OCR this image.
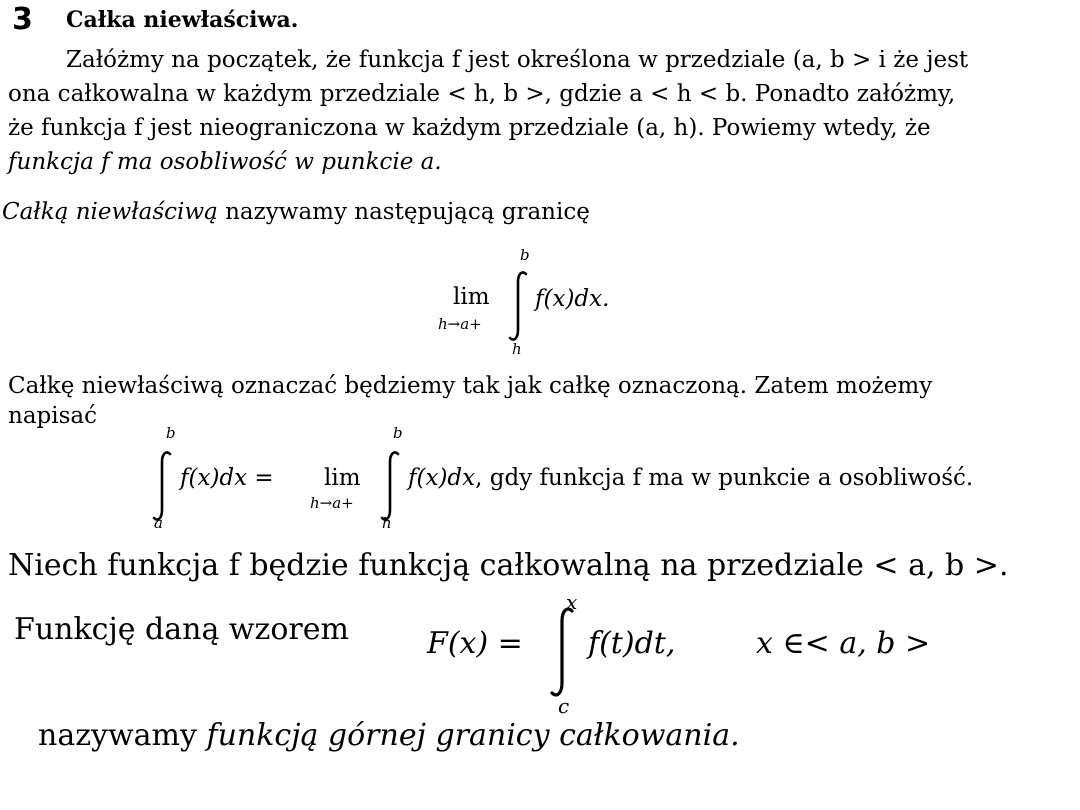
3 Całka niewłaściwa.
Załóżmy na początek, że funkcja f jest określona w przedziale (a, b > i że jest
ona całkowalna w każdym przedziale < h, b >, gdzie a < h < b. Ponadto załóżmy,
że funkcja f jest nieograniczona w każdym przedziale (a, h). Powiemy wtedy, że
funkcja f ma osobliwość w punkcie a.
Całką niewłaściwą nazywamy następującą granicę
lim
h→a+
b
h
f(x)dx.
Całkę niewłaściwą oznaczać będziemy tak jak całkę oznaczoną. Zatem możemy
napisać
b
a
f(x)dx = lim
h→a+
b
h
f(x)dx, gdy funkcja f ma w punkcie a osobliwość.
Niech funkcja f będzie funkcją całkowalną na przedziale < a, b >.
Funkcję daną wzorem	F(x) =
x
c
f(t)dt,	x ∈< a, b >
nazywamy funkcją górnej granicy całkowania.
